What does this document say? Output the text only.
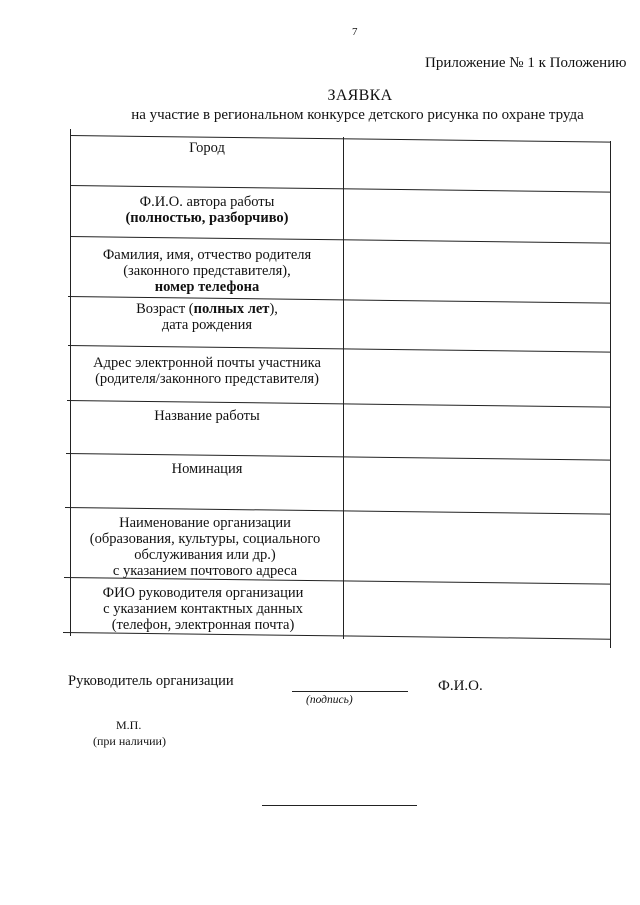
7
Приложение № 1 к Положению
ЗАЯВКА
на участие в региональном конкурсе детского рисунка по охране труда
Город
Ф.И.О. автора работы
(полностью, разборчиво)
Фамилия, имя, отчество родителя
(законного представителя),
номер телефона
Возраст (полных лет),
дата рождения
Адрес электронной почты участника
(родителя/законного представителя)
Название работы
Номинация
Наименование организации
(образования, культуры, социального
обслуживания или др.)
с указанием почтового адреса
ФИО руководителя организации
с указанием контактных данных
(телефон, электронная почта)
Руководитель организации
(подпись)
Ф.И.О.
М.П.
(при наличии)
